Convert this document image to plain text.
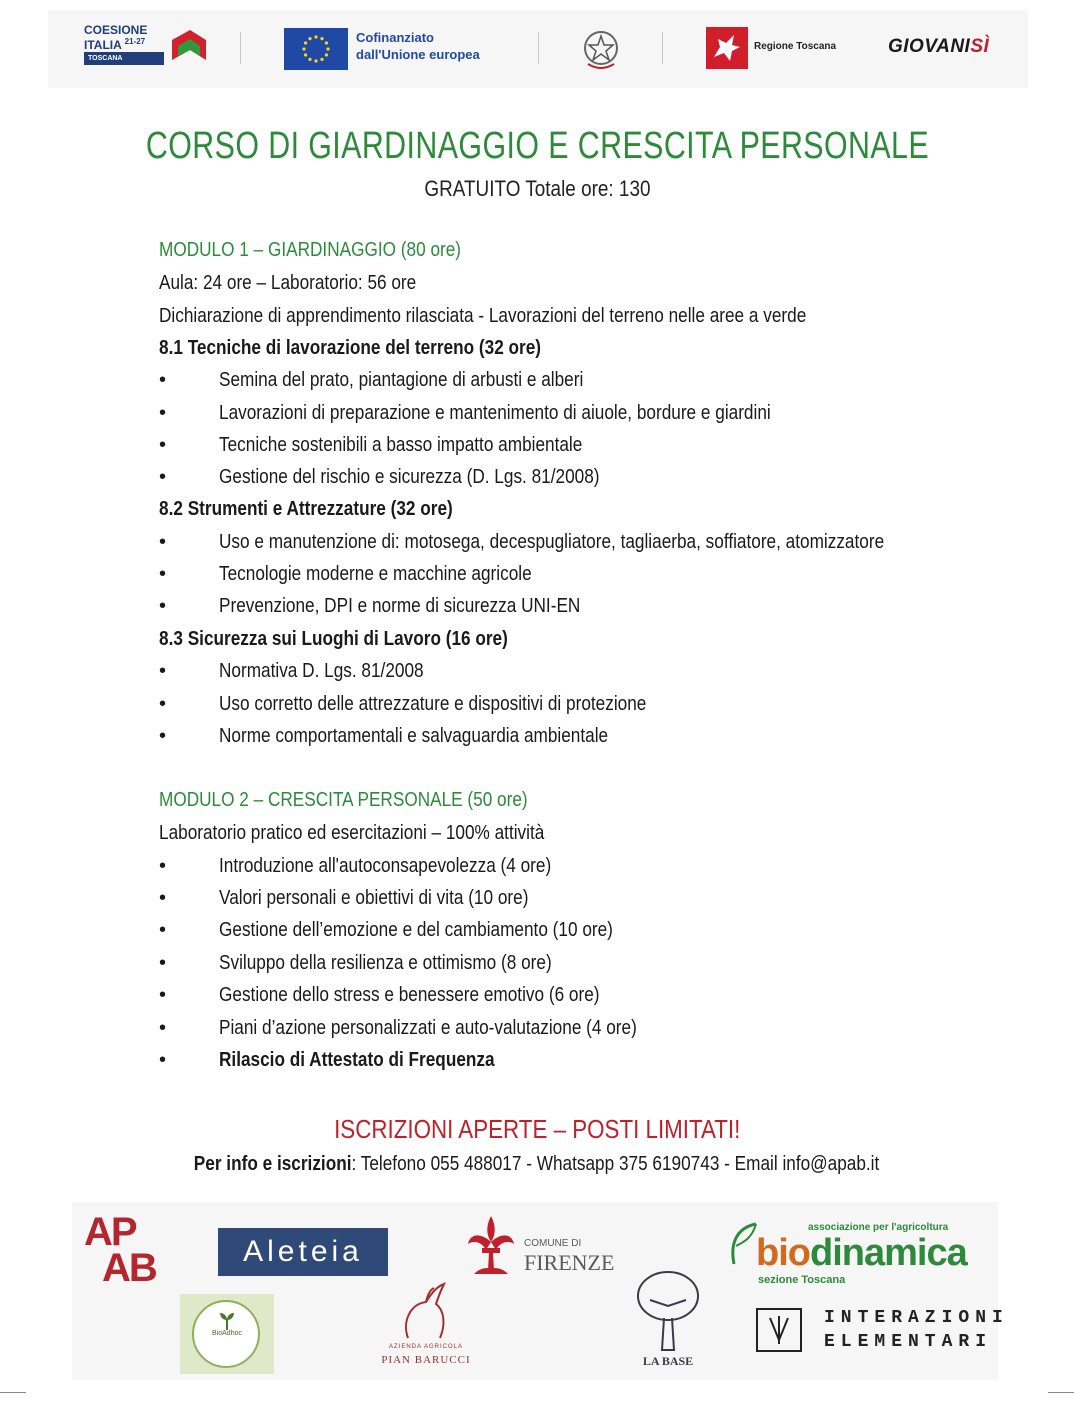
COESIONE
ITALIA $^{21-27}$
TOSCANA
Cofinanziato
dall'Unione europea
Regione Toscana	GIOVANISÌ
CORSO DI GIARDINAGGIO E CRESCITA PERSONALE
GRATUITO Totale ore: 130
MODULO 1 – GIARDINAGGIO (80 ore)
Aula: 24 ore – Laboratorio: 56 ore
Dichiarazione di apprendimento rilasciata - Lavorazioni del terreno nelle aree a verde
8.1 Tecniche di lavorazione del terreno (32 ore)
•	Semina del prato, piantagione di arbusti e alberi
•	Lavorazioni di preparazione e mantenimento di aiuole, bordure e giardini
•	Tecniche sostenibili a basso impatto ambientale
•	Gestione del rischio e sicurezza (D. Lgs. 81/2008)
8.2 Strumenti e Attrezzature (32 ore)
•	Uso e manutenzione di: motosega, decespugliatore, tagliaerba, soffiatore, atomizzatore
•	Tecnologie moderne e macchine agricole
•	Prevenzione, DPI e norme di sicurezza UNI-EN
8.3 Sicurezza sui Luoghi di Lavoro (16 ore)
•	Normativa D. Lgs. 81/2008
•	Uso corretto delle attrezzature e dispositivi di protezione
•	Norme comportamentali e salvaguardia ambientale
MODULO 2 – CRESCITA PERSONALE (50 ore)
Laboratorio pratico ed esercitazioni – 100% attività
•	Introduzione all'autoconsapevolezza (4 ore)
•	Valori personali e obiettivi di vita (10 ore)
•	Gestione dell’emozione e del cambiamento (10 ore)
•	Sviluppo della resilienza e ottimismo (8 ore)
•	Gestione dello stress e benessere emotivo (6 ore)
•	Piani d’azione personalizzati e auto-valutazione (4 ore)
•	Rilascio di Attestato di Frequenza
ISCRIZIONI APERTE – POSTI LIMITATI!
Per info e iscrizioni: Telefono 055 488017 - Whatsapp 375 6190743 - Email info@apab.it
AP
AB	Aleteia	COMUNE DI
FIRENZE
associazione per l'agricoltura
biodinamica
sezione Toscana
BioAdhoc
AZIENDA AGRICOLA
PIAN BARUCCI	LA BASE
INTERAZIONI
ELEMENTARI
